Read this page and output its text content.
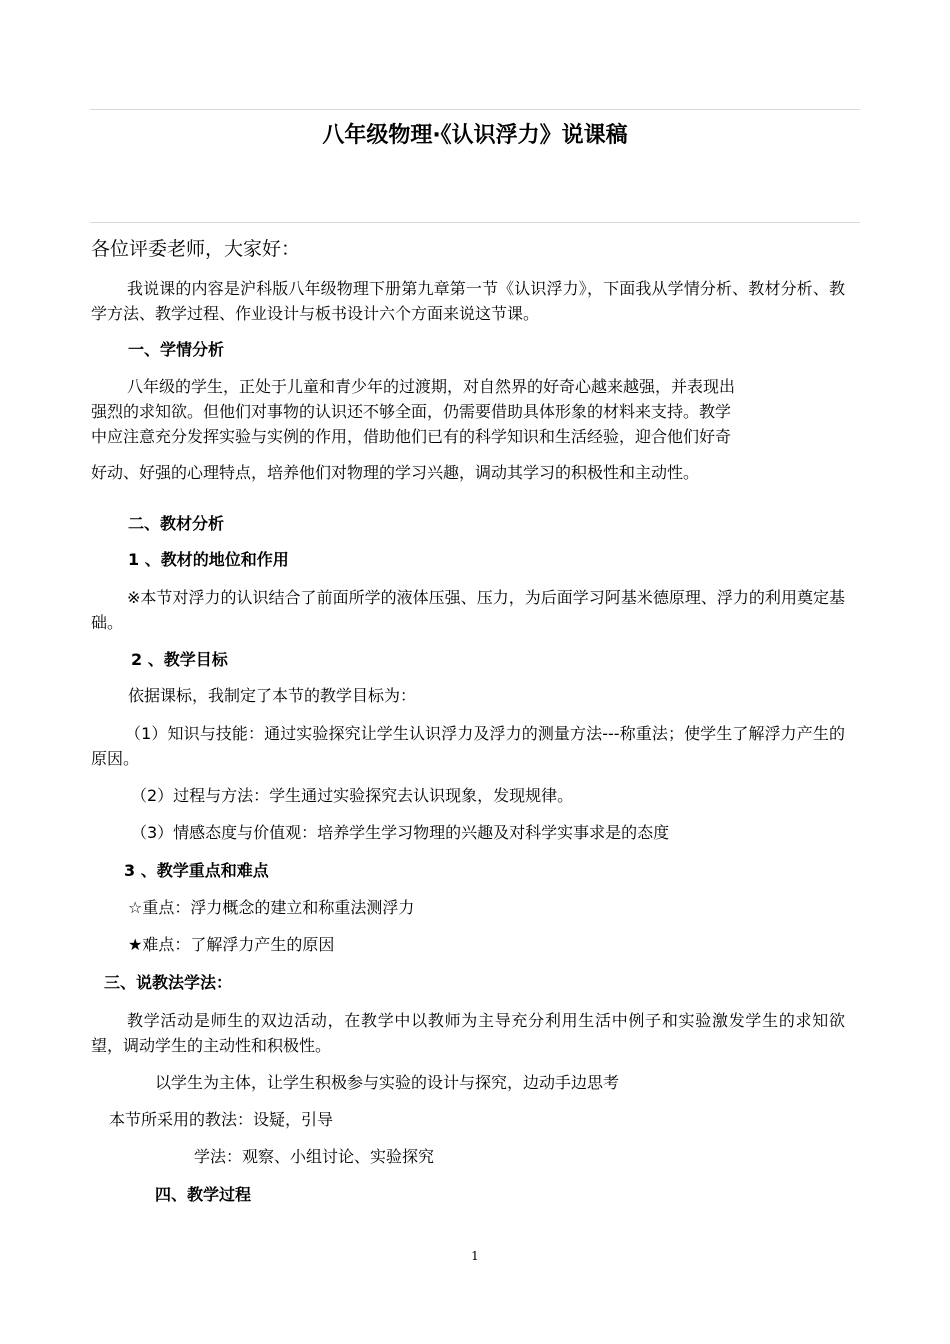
八年级物理·《认识浮力》说课稿
各位评委老师，大家好：
我说课的内容是沪科版八年级物理下册第九章第一节《认识浮力》，下面我从学情分析、教材分析、教学方法、教学过程、作业设计与板书设计六个方面来说这节课。
一、学情分析
八年级的学生，正处于儿童和青少年的过渡期，对自然界的好奇心越来越强，并表现出
强烈的求知欲。但他们对事物的认识还不够全面，仍需要借助具体形象的材料来支持。教学
中应注意充分发挥实验与实例的作用，借助他们已有的科学知识和生活经验，迎合他们好奇
好动、好强的心理特点，培养他们对物理的学习兴趣，调动其学习的积极性和主动性。
二、教材分析
1 、教材的地位和作用
※本节对浮力的认识结合了前面所学的液体压强、压力，为后面学习阿基米德原理、浮力的利用奠定基础。
2 、教学目标
依据课标，我制定了本节的教学目标为：
（1）知识与技能：通过实验探究让学生认识浮力及浮力的测量方法---称重法；使学生了解浮力产生的原因。
（2）过程与方法：学生通过实验探究去认识现象，发现规律。
（3）情感态度与价值观：培养学生学习物理的兴趣及对科学实事求是的态度
3 、教学重点和难点
☆重点：浮力概念的建立和称重法测浮力
★难点：了解浮力产生的原因
三、说教法学法：
教学活动是师生的双边活动，在教学中以教师为主导充分利用生活中例子和实验激发学生的求知欲望，调动学生的主动性和积极性。
以学生为主体，让学生积极参与实验的设计与探究，边动手边思考
本节所采用的教法：设疑，引导
学法：观察、小组讨论、实验探究
四、教学过程
1
